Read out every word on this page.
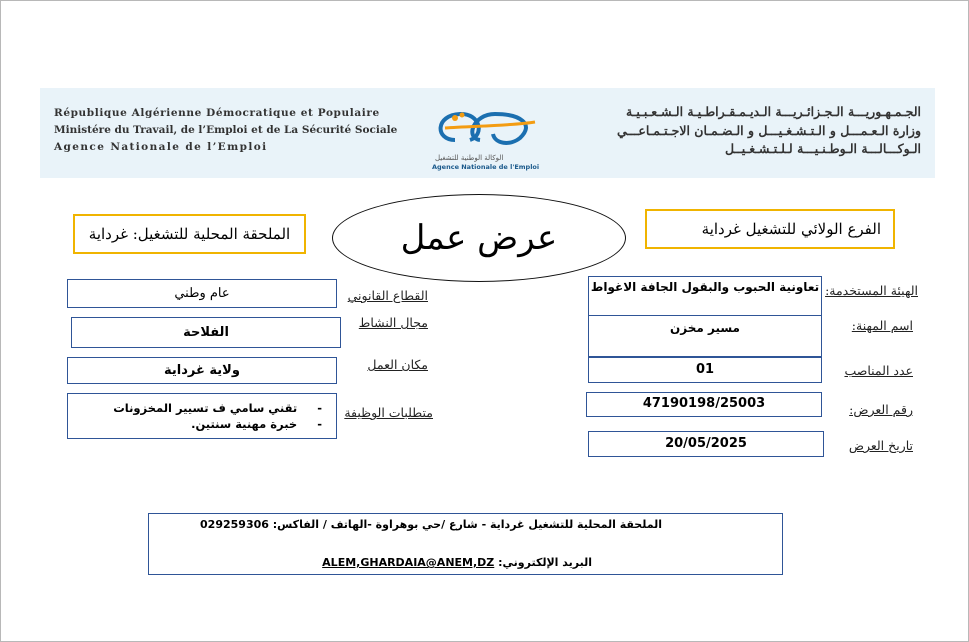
République Algérienne Démocratique et Populaire
Ministére du Travail, de l’Emploi et de La Sécurité Sociale
Agence Nationale de l’Emploi
الوكالة الوطنية للتشغيل
Agence Nationale de l'Emploi
الجـمـهـوريـــة الـجـزائـريـــة الـديـمـقـراطـيـة الـشـعـبـيـة
وزارة الـعـمـــل و الـتـشـغـيـــل و الـضـمـان الاجـتـمـاعـــي
الـوكـــالـــة الـوطـنـيـــة لـلـتـشـغـيــل
الملحقة المحلية للتشغيل: غرداية	عرض عمل	الفرع الولائي للتشغيل غرداية
الهيئة المستخدمة:
اسم المهنة:
عدد المناصب
رقم العرض:
تاريخ العرض
تعاونية الحبوب والبقول الجافة الاغواط
مسير مخزن
01
47190198/25003
20/05/2025
القطاع القانوني
مجال النشاط
مكان العمل
متطلبات الوظيفة
عام وطني
الفلاحة
ولاية غرداية
-     تقني سامي ف تسيير المخزونات
-     خبرة مهنية سنتين.
الملحقة المحلية للتشغيل غرداية - شارع /حي بوهراوة -الهاتف / الفاكس: 029259306
البريد الإلكتروني: ALEM,GHARDAIA@ANEM,DZ
